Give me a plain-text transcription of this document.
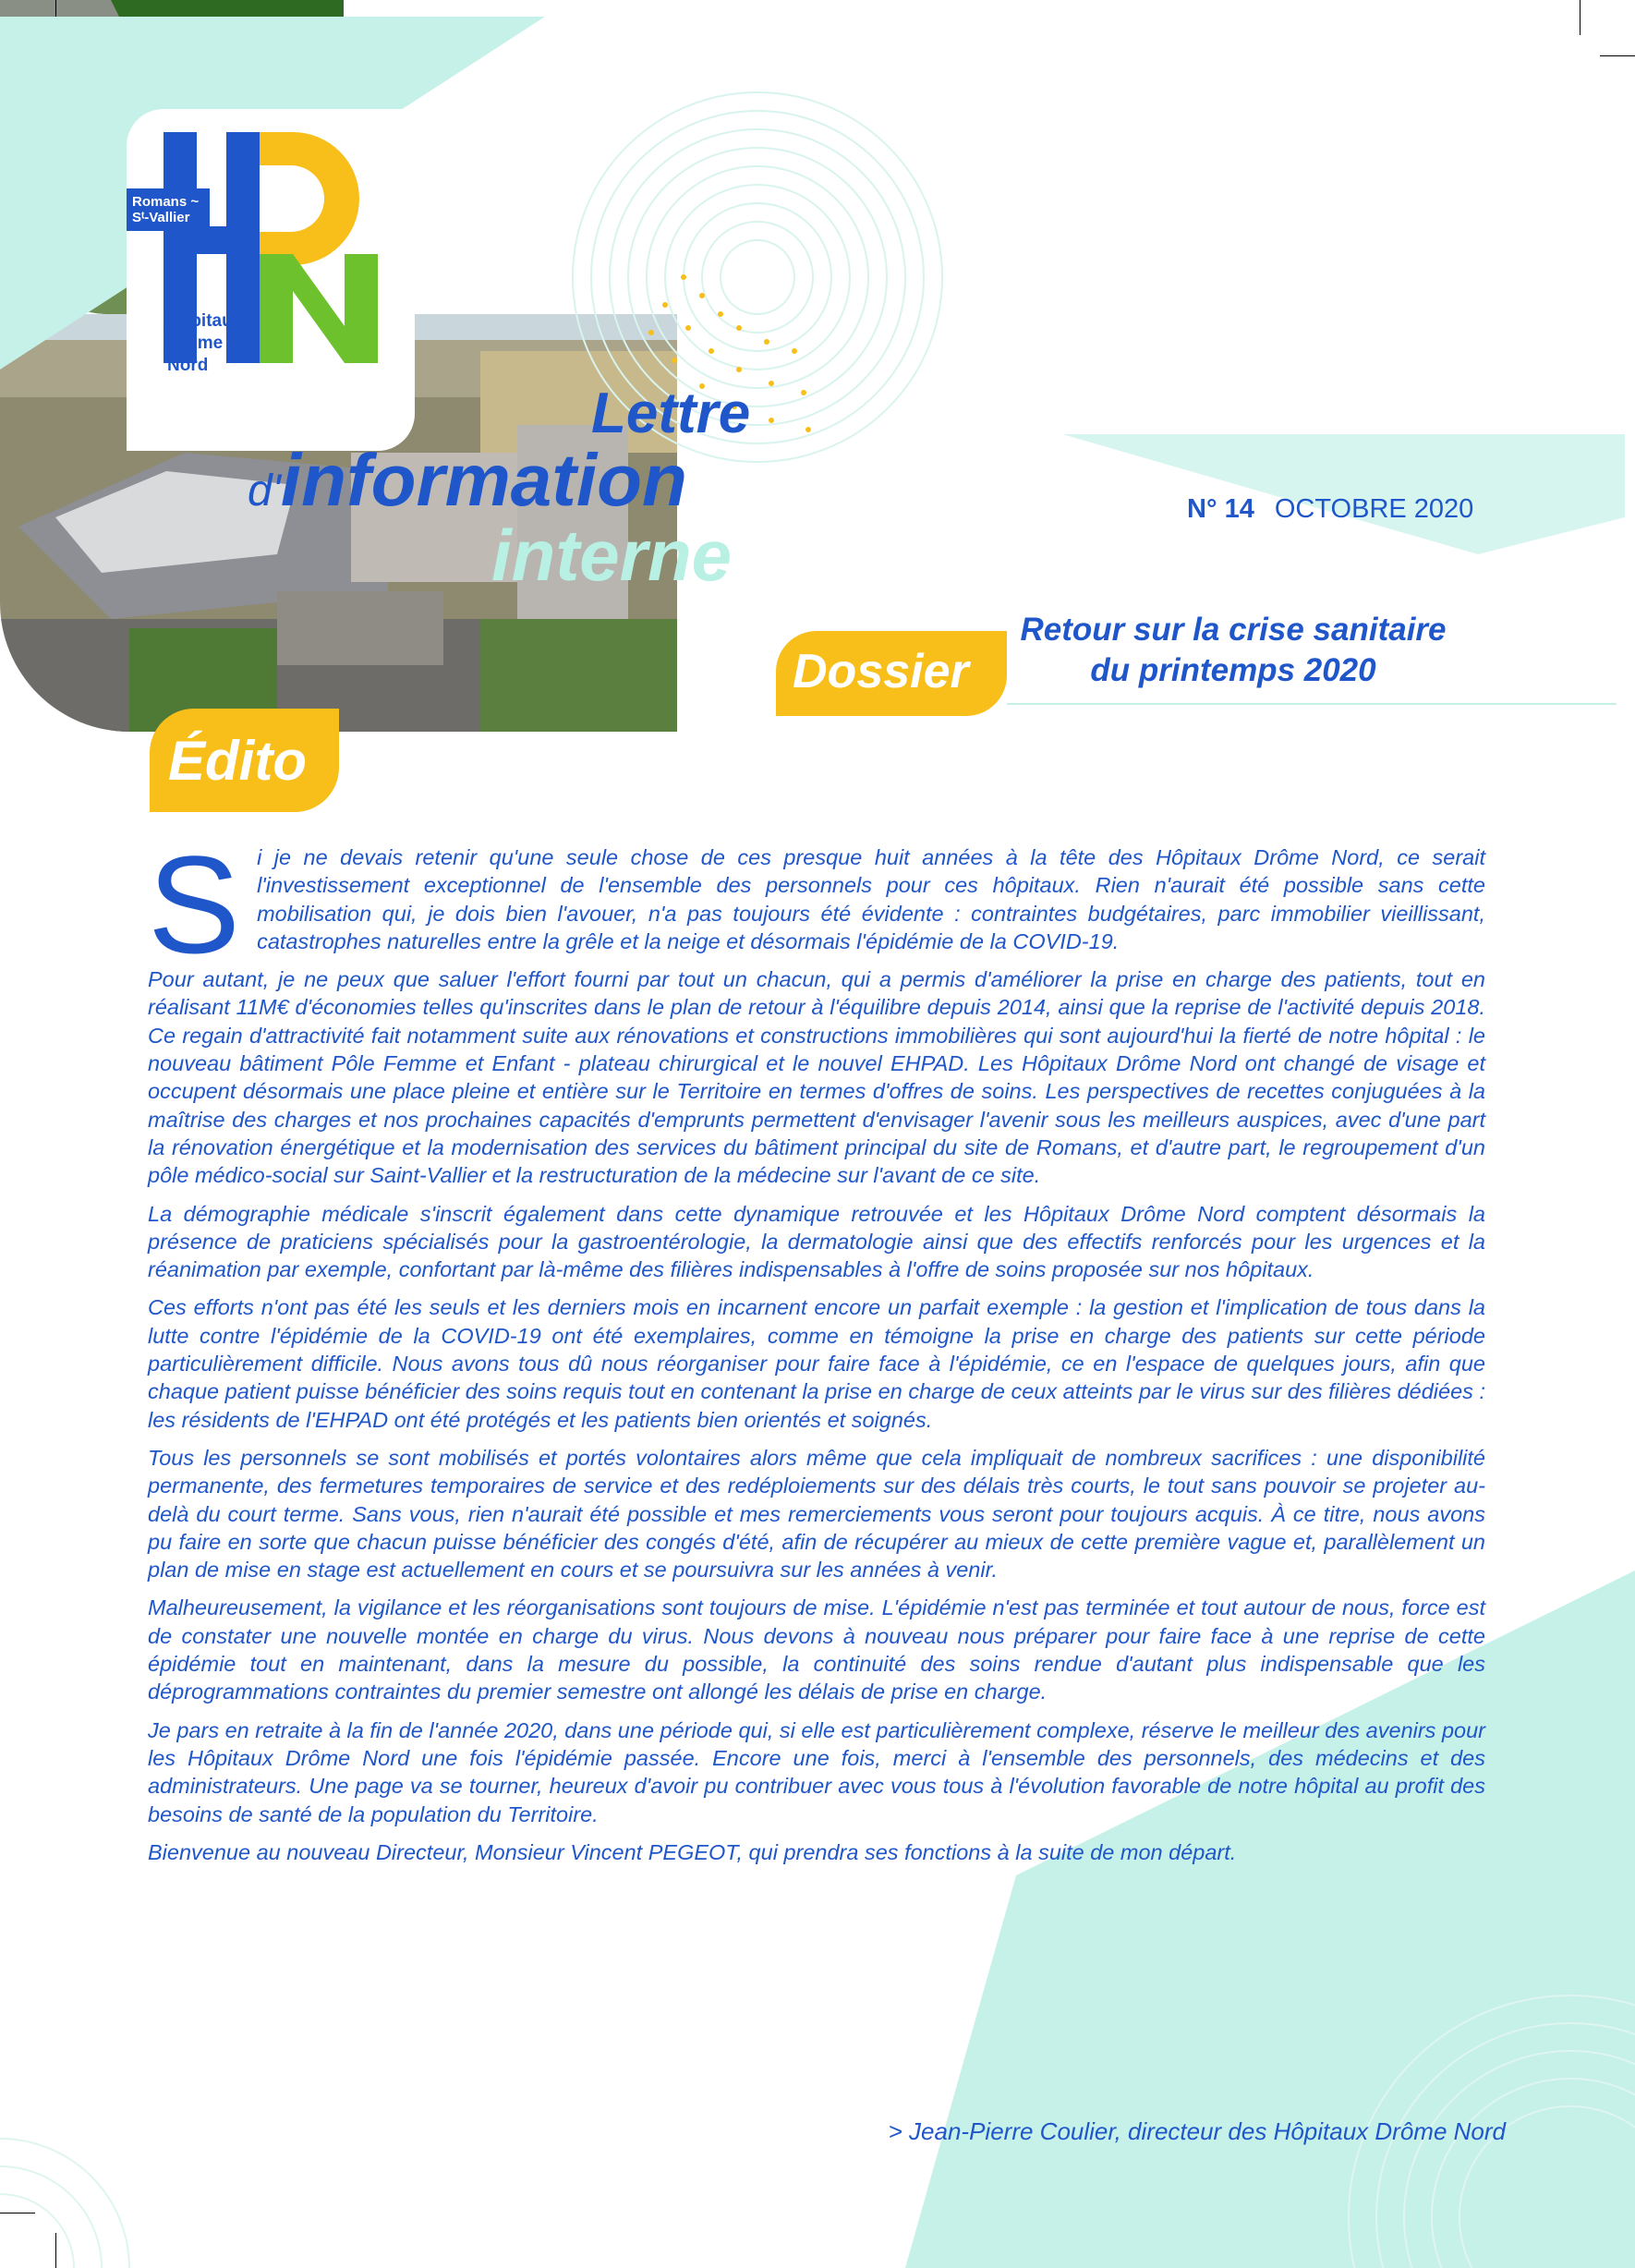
Romans ~ Sᵗ-Vallier
Hôpitaux
Drôme
Nord
Lettre
d'information
interne
N° 14 OCTOBRE 2020
Dossier
Retour sur la crise sanitaire
du printemps 2020
Édito

Si je ne devais retenir qu'une seule chose de ces presque huit années à la tête des Hôpitaux Drôme Nord, ce serait l'investissement exceptionnel de l'ensemble des personnels pour ces hôpitaux. Rien n'aurait été possible sans cette mobilisation qui, je dois bien l'avouer, n'a pas toujours été évidente : contraintes budgétaires, parc immobilier vieillissant, catastrophes naturelles entre la grêle et la neige et désormais l'épidémie de la COVID-19.

Pour autant, je ne peux que saluer l'effort fourni par tout un chacun, qui a permis d'améliorer la prise en charge des patients, tout en réalisant 11M€ d'économies telles qu'inscrites dans le plan de retour à l'équilibre depuis 2014, ainsi que la reprise de l'activité depuis 2018. Ce regain d'attractivité fait notamment suite aux rénovations et constructions immobilières qui sont aujourd'hui la fierté de notre hôpital : le nouveau bâtiment Pôle Femme et Enfant - plateau chirurgical et le nouvel EHPAD. Les Hôpitaux Drôme Nord ont changé de visage et occupent désormais une place pleine et entière sur le Territoire en termes d'offres de soins. Les perspectives de recettes conjuguées à la maîtrise des charges et nos prochaines capacités d'emprunts permettent d'envisager l'avenir sous les meilleurs auspices, avec d'une part la rénovation énergétique et la modernisation des services du bâtiment principal du site de Romans, et d'autre part, le regroupement d'un pôle médico-social sur Saint-Vallier et la restructuration de la médecine sur l'avant de ce site.

La démographie médicale s'inscrit également dans cette dynamique retrouvée et les Hôpitaux Drôme Nord comptent désormais la présence de praticiens spécialisés pour la gastroentérologie, la dermatologie ainsi que des effectifs renforcés pour les urgences et la réanimation par exemple, confortant par là-même des filières indispensables à l'offre de soins proposée sur nos hôpitaux.

Ces efforts n'ont pas été les seuls et les derniers mois en incarnent encore un parfait exemple : la gestion et l'implication de tous dans la lutte contre l'épidémie de la COVID-19 ont été exemplaires, comme en témoigne la prise en charge des patients sur cette période particulièrement difficile. Nous avons tous dû nous réorganiser pour faire face à l'épidémie, ce en l'espace de quelques jours, afin que chaque patient puisse bénéficier des soins requis tout en contenant la prise en charge de ceux atteints par le virus sur des filières dédiées : les résidents de l'EHPAD ont été protégés et les patients bien orientés et soignés.

Tous les personnels se sont mobilisés et portés volontaires alors même que cela impliquait de nombreux sacrifices : une disponibilité permanente, des fermetures temporaires de service et des redéploiements sur des délais très courts, le tout sans pouvoir se projeter au-delà du court terme. Sans vous, rien n'aurait été possible et mes remerciements vous seront pour toujours acquis. À ce titre, nous avons pu faire en sorte que chacun puisse bénéficier des congés d'été, afin de récupérer au mieux de cette première vague et, parallèlement un plan de mise en stage est actuellement en cours et se poursuivra sur les années à venir.

Malheureusement, la vigilance et les réorganisations sont toujours de mise. L'épidémie n'est pas terminée et tout autour de nous, force est de constater une nouvelle montée en charge du virus. Nous devons à nouveau nous préparer pour faire face à une reprise de cette épidémie tout en maintenant, dans la mesure du possible, la continuité des soins rendue d'autant plus indispensable que les déprogrammations contraintes du premier semestre ont allongé les délais de prise en charge.

Je pars en retraite à la fin de l'année 2020, dans une période qui, si elle est particulièrement complexe, réserve le meilleur des avenirs pour les Hôpitaux Drôme Nord une fois l'épidémie passée. Encore une fois, merci à l'ensemble des personnels, des médecins et des administrateurs. Une page va se tourner, heureux d'avoir pu contribuer avec vous tous à l'évolution favorable de notre hôpital au profit des besoins de santé de la population du Territoire.

Bienvenue au nouveau Directeur, Monsieur Vincent PEGEOT, qui prendra ses fonctions à la suite de mon départ.

> Jean-Pierre Coulier, directeur des Hôpitaux Drôme Nord
